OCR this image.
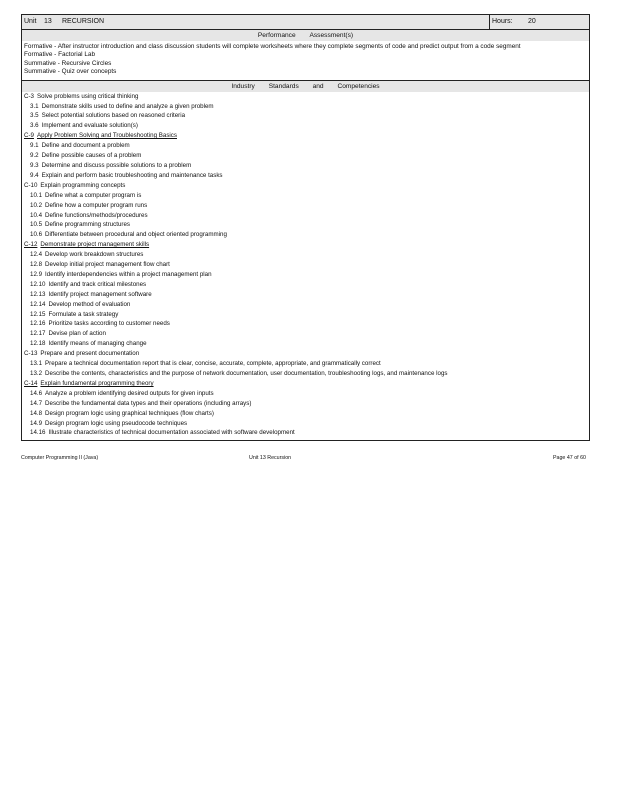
Unit 13 RECURSION	Hours: 20
Performance Assessment(s)
Formative - After instructor introduction and class discussion students will complete worksheets where they complete segments of code and predict output from a code segment
Formative - Factorial Lab
Summative - Recursive Circles
Summative - Quiz over concepts
Industry Standards and Competencies
C-3 Solve problems using critical thinking
3.1 Demonstrate skills used to define and analyze a given problem
3.5 Select potential solutions based on reasoned criteria
3.6 Implement and evaluate solution(s)
C-9 Apply Problem Solving and Troubleshooting Basics
9.1 Define and document a problem
9.2 Define possible causes of a problem
9.3 Determine and discuss possible solutions to a problem
9.4 Explain and perform basic troubleshooting and maintenance tasks
C-10 Explain programming concepts
10.1 Define what a computer program is
10.2 Define how a computer program runs
10.4 Define functions/methods/procedures
10.5 Define programming structures
10.6 Differentiate between procedural and object oriented programming
C-12 Demonstrate project management skills
12.4 Develop work breakdown structures
12.8 Develop initial project management flow chart
12.9 Identify interdependencies within a project management plan
12.10 Identify and track critical milestones
12.13 Identify project management software
12.14 Develop method of evaluation
12.15 Formulate a task strategy
12.16 Prioritize tasks according to customer needs
12.17 Devise plan of action
12.18 Identify means of managing change
C-13 Prepare and present documentation
13.1 Prepare a technical documentation report that is clear, concise, accurate, complete, appropriate, and grammatically correct
13.2 Describe the contents, characteristics and the purpose of network documentation, user documentation, troubleshooting logs, and maintenance logs
C-14 Explain fundamental programming theory
14.6 Analyze a problem identifying desired outputs for given inputs
14.7 Describe the fundamental data types and their operations (including arrays)
14.8 Design program logic using graphical techniques (flow charts)
14.9 Design program logic using pseudocode techniques
14.16 Illustrate characteristics of technical documentation associated with software development
Computer Programming II (Java)	Unit 13 Recursion	Page 47 of 60
